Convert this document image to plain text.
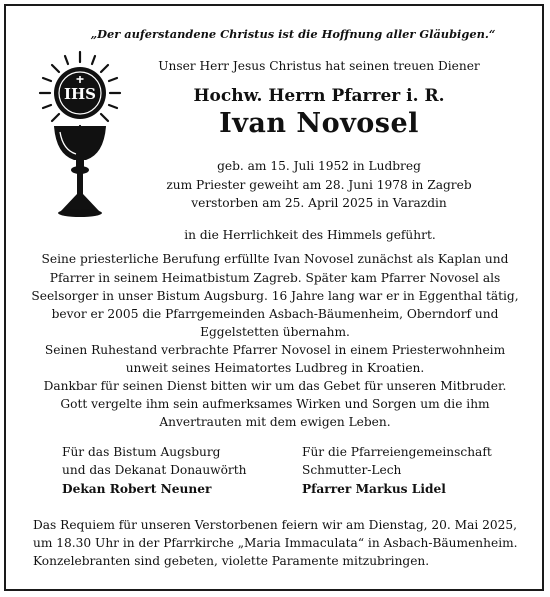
IHS
„Der auferstandene Christus ist die Hoffnung aller Gläubigen.“
Unser Herr Jesus Christus hat seinen treuen Diener
Hochw. Herrn Pfarrer i. R.
Ivan Novosel
geb. am 15. Juli 1952 in Ludbreg
zum Priester geweiht am 28. Juni 1978 in Zagreb
verstorben am 25. April 2025 in Varazdin
in die Herrlichkeit des Himmels geführt.
Seine priesterliche Berufung erfüllte Ivan Novosel zunächst als Kaplan und
Pfarrer in seinem Heimatbistum Zagreb. Später kam Pfarrer Novosel als
Seelsorger in unser Bistum Augsburg. 16 Jahre lang war er in Eggenthal tätig,
bevor er 2005 die Pfarrgemeinden Asbach-Bäumenheim, Oberndorf und
Eggelstetten übernahm.
Seinen Ruhestand verbrachte Pfarrer Novosel in einem Priesterwohnheim
unweit seines Heimatortes Ludbreg in Kroatien.
Dankbar für seinen Dienst bitten wir um das Gebet für unseren Mitbruder.
Gott vergelte ihm sein aufmerksames Wirken und Sorgen um die ihm
Anvertrauten mit dem ewigen Leben.
Für das Bistum Augsburg
und das Dekanat Donauwörth
Dekan Robert Neuner
Für die Pfarreiengemeinschaft
Schmutter-Lech
Pfarrer Markus Lidel
Das Requiem für unseren Verstorbenen feiern wir am Dienstag, 20. Mai 2025,
um 18.30 Uhr in der Pfarrkirche „Maria Immaculata“ in Asbach-Bäumenheim.
Konzelebranten sind gebeten, violette Paramente mitzubringen.
